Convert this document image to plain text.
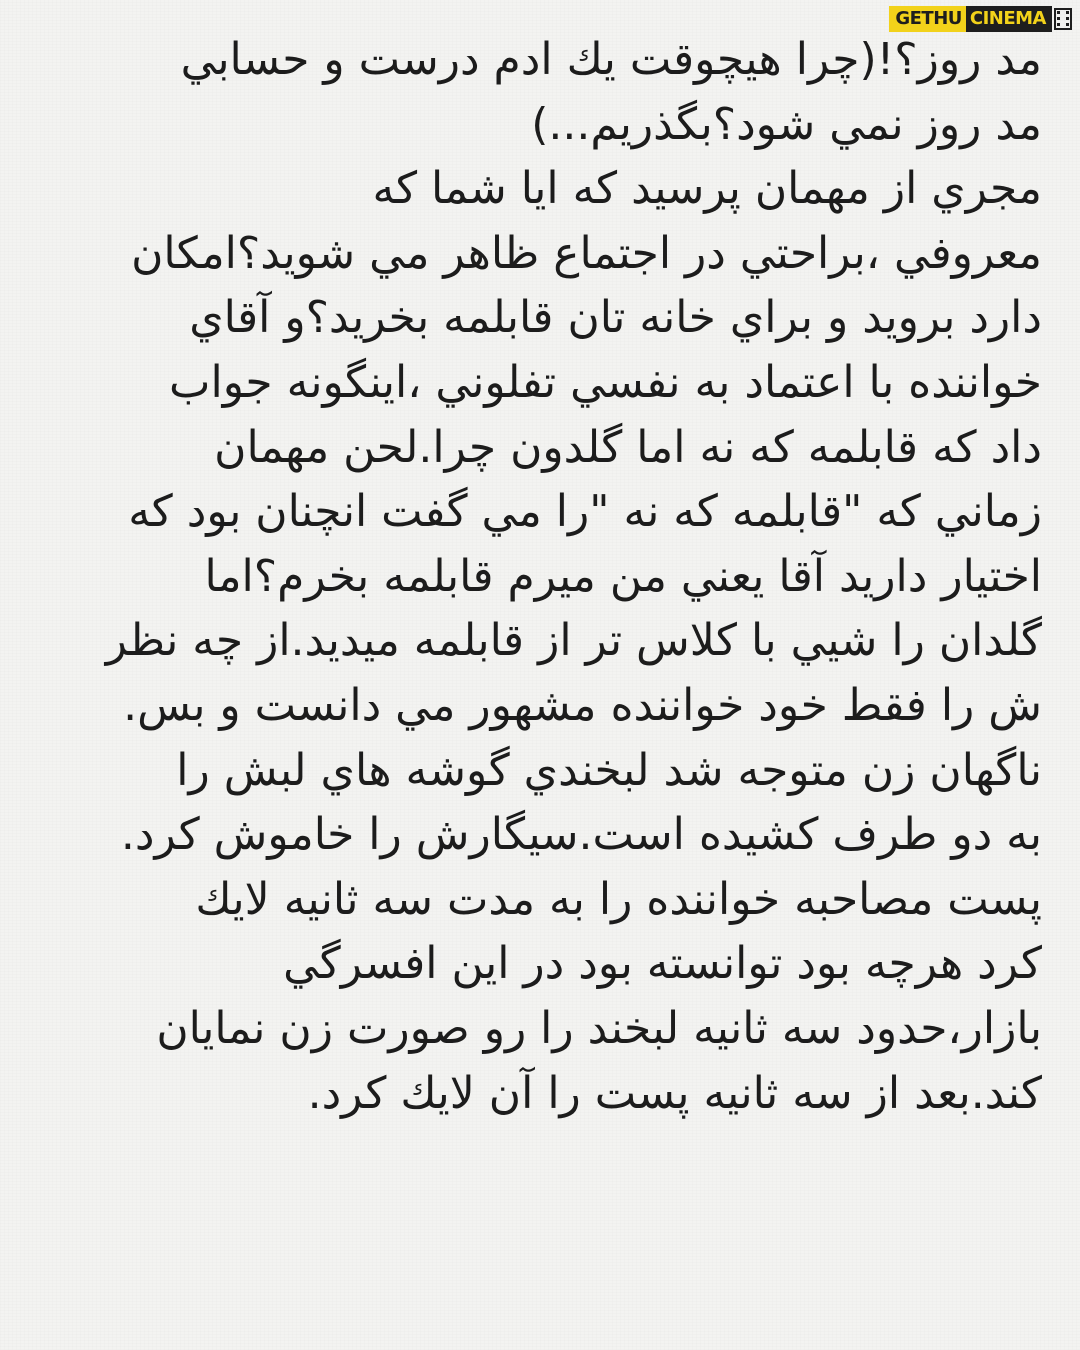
GETHU CINEMA
مد روز؟!(چرا هيچوقت يك ادم درست و حسابي
مد روز نمي شود؟بگذريم...)
مجري از مهمان پرسيد كه ايا شما كه
معروفي ،براحتي در اجتماع ظاهر مي شويد؟امكان
دارد برويد و براي خانه تان قابلمه بخريد؟و آقاي
خواننده با اعتماد به نفسي تفلوني ،اينگونه جواب
داد كه قابلمه كه نه اما گلدون چرا.لحن مهمان
زماني كه "قابلمه كه نه "را مي گفت انچنان بود كه
اختيار داريد آقا يعني من ميرم قابلمه بخرم؟اما
گلدان را شيي با كلاس تر از قابلمه ميديد.از چه نظر
ش را فقط خود خواننده مشهور مي دانست و بس.
ناگهان زن متوجه شد لبخندي گوشه هاي لبش را
به دو طرف كشيده است.سيگارش را خاموش كرد.
پست مصاحبه خواننده را به مدت سه ثانيه لايك
كرد هرچه بود توانسته بود در اين افسرگي
بازار،حدود سه ثانيه لبخند را رو صورت زن نمايان
كند.بعد از سه ثانيه پست را آن لايك كرد.
